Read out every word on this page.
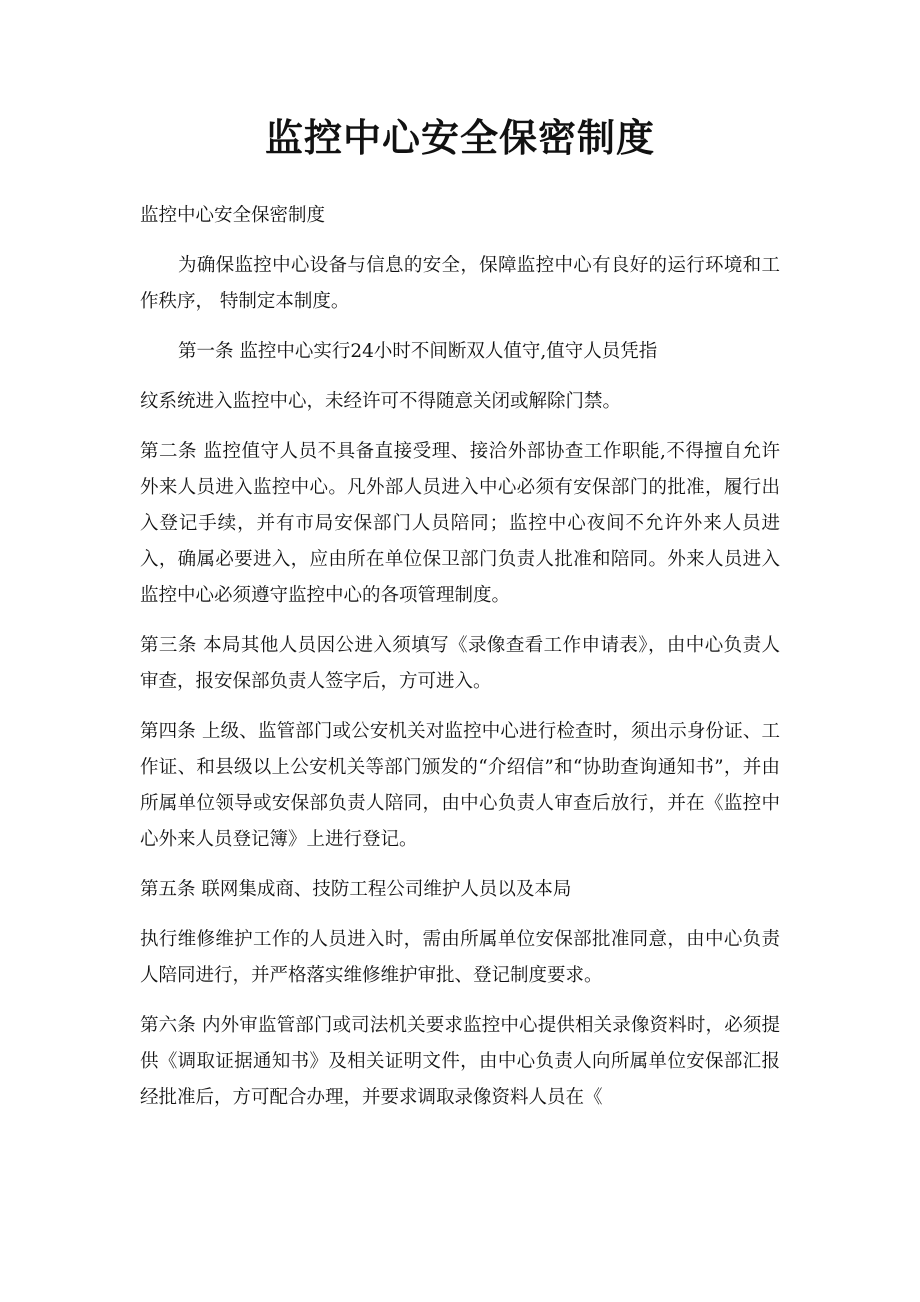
监控中心安全保密制度

监控中心安全保密制度

为确保监控中心设备与信息的安全，保障监控中心有良好的运行环境和工作秩序， 特制定本制度。

第一条 监控中心实行24小时不间断双人值守,值守人员凭指

纹系统进入监控中心，未经许可不得随意关闭或解除门禁。

第二条 监控值守人员不具备直接受理、接洽外部协查工作职能,不得擅自允许外来人员进入监控中心。凡外部人员进入中心必须有安保部门的批准，履行出入登记手续，并有市局安保部门人员陪同；监控中心夜间不允许外来人员进入，确属必要进入，应由所在单位保卫部门负责人批准和陪同。外来人员进入监控中心必须遵守监控中心的各项管理制度。

第三条 本局其他人员因公进入须填写《录像查看工作申请表》，由中心负责人审查，报安保部负责人签字后，方可进入。

第四条 上级、监管部门或公安机关对监控中心进行检查时，须出示身份证、工作证、和县级以上公安机关等部门颁发的“介绍信”和“协助查询通知书”，并由所属单位领导或安保部负责人陪同，由中心负责人审查后放行，并在《监控中心外来人员登记簿》上进行登记。

第五条 联网集成商、技防工程公司维护人员以及本局

执行维修维护工作的人员进入时，需由所属单位安保部批准同意，由中心负责人陪同进行，并严格落实维修维护审批、登记制度要求。

第六条 内外审监管部门或司法机关要求监控中心提供相关录像资料时，必须提供《调取证据通知书》及相关证明文件，由中心负责人向所属单位安保部汇报经批准后，方可配合办理，并要求调取录像资料人员在《
